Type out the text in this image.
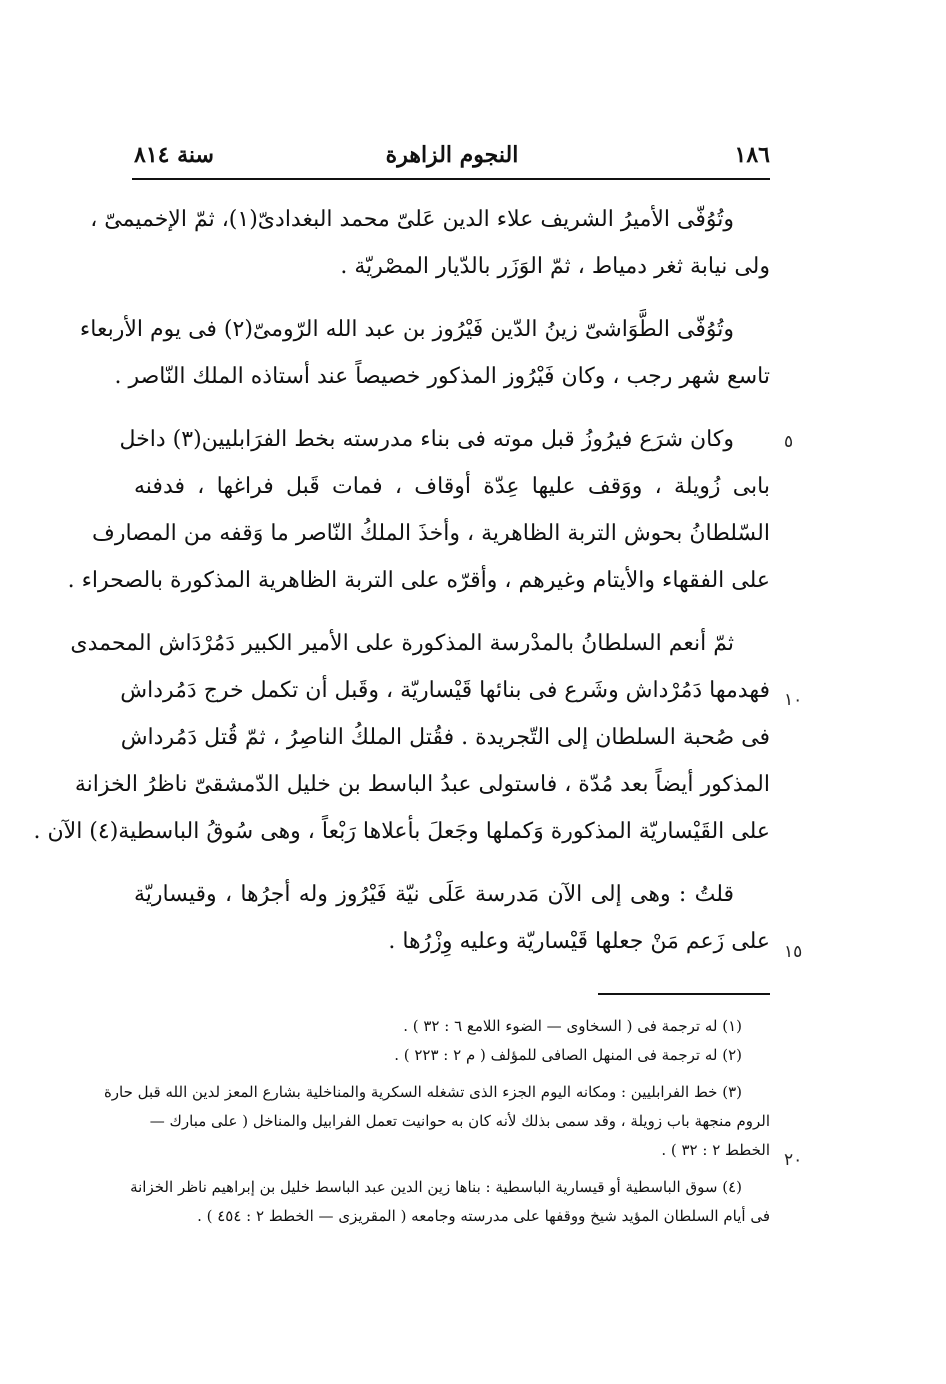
١٨٦
النجوم الزاهرة
سنة ٨١٤
وتُوُفّى الأميرُ الشريف علاء الدين عَلىّ محمد البغدادىّ(١)، ثمّ الإخميمىّ ،
ولى نيابة ثغر دمياط ، ثمّ الوَزَر بالدّيار المصْريّة .
وتُوُفّى الطَّوَاشىّ زينُ الدّين فَيْرُوز بن عبد الله الرّومىّ(٢) فى يوم الأربعاء
تاسع شهر رجب ، وكان فَيْرُوز المذكور خصيصاً عند أستاذه الملك النّاصر .
وكان شرَع فيرُوزُ قبل موته فى بناء مدرسته بخط الفرَابليين(٣) داخل
بابى زُويلة ، ووَقف عليها عِدّة أوقاف ، فمات قَبل فراغها ، فدفنه
السّلطانُ بحوش التربة الظاهرية ، وأخذَ الملكُ النّاصر ما وَقفه من المصارف
على الفقهاء والأيتام وغيرهم ، وأقرّه على التربة الظاهرية المذكورة بالصحراء .
ثمّ أنعم السلطانُ بالمدْرسة المذكورة على الأمير الكبير دَمُرْدَاش المحمدى
فهدمها دَمُرْداش وشَرع فى بنائها قَيْساريّة ، وقَبل أن تكمل خرج دَمُرداش
فى صُحبة السلطان إلى التّجريدة . فقُتل الملكُ الناصِرُ ، ثمّ قُتل دَمُرداش
المذكور أيضاً بعد مُدّة ، فاستولى عبدُ الباسط بن خليل الدّمشقىّ ناظرُ الخزانة
على القَيْساريّة المذكورة وَكملها وجَعلَ بأعلاها رَبْعاً ، وهى سُوقُ الباسطية(٤) الآن .
قلتُ : وهى إلى الآن مَدرسة عَلَى نيّة فَيْرُوز وله أجرُها ، وقيساريّة
على زَعم مَنْ جعلها قَيْساريّة وعليه وِزْرُها .
٥
١٠
١٥
٢٠
(١) له ترجمة فى ( السخاوى — الضوء اللامع ٦ : ٣٢ ) .
(٢) له ترجمة فى المنهل الصافى للمؤلف ( م ٢ : ٢٢٣ ) .
(٣) خط الفرابليين : ومكانه اليوم الجزء الذى تشغله السكرية والمناخلية بشارع المعز لدين الله قبل حارة
الروم منجهة باب زويلة ، وقد سمى بذلك لأنه كان به حوانيت تعمل الفرابيل والمناخل ( على مبارك —
الخطط ٢ : ٣٢ ) .
(٤) سوق الباسطية أو قيسارية الباسطية : بناها زين الدين عبد الباسط خليل بن إبراهيم ناظر الخزانة
فى أيام السلطان المؤيد شيخ ووقفها على مدرسته وجامعه ( المقريزى — الخطط ٢ : ٤٥٤ ) .
